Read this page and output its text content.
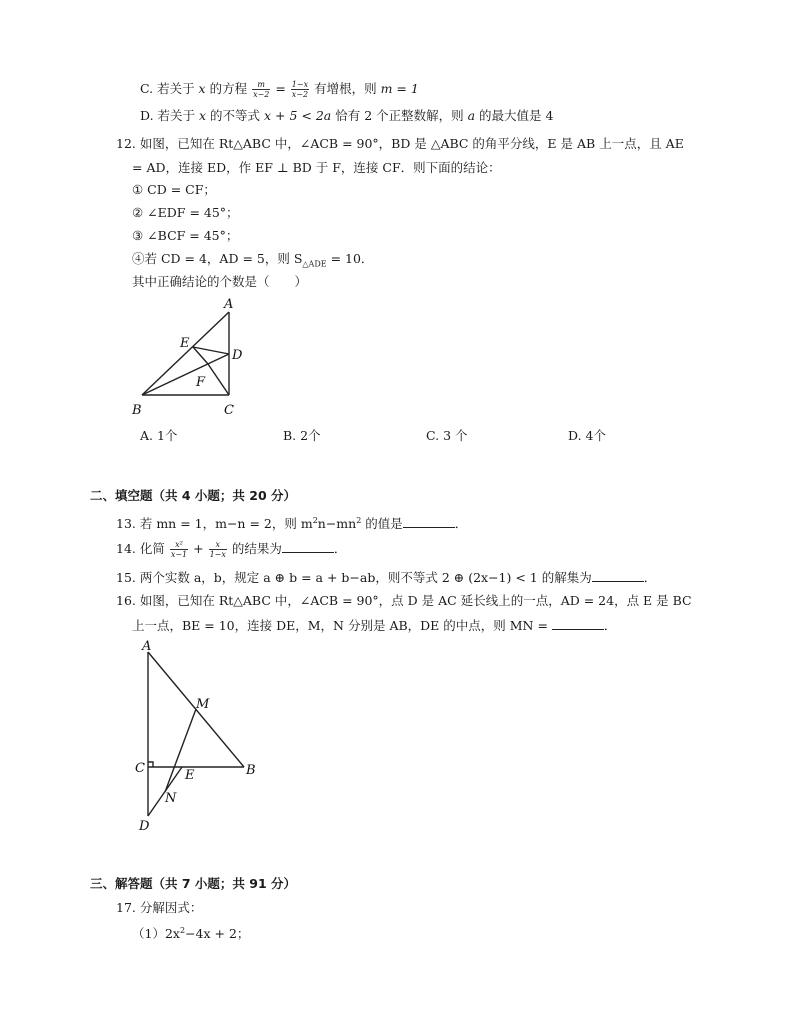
C. 若关于 x 的方程 $\frac{m}{x-2} = \frac{1-x}{x-2}$ 有增根，则 m = 1
D. 若关于 x 的不等式 x + 5 < 2a 恰有 2 个正整数解，则 a 的最大值是 4
12. 如图，已知在 Rt△ABC 中，∠ACB = 90°，BD 是 △ABC 的角平分线，E 是 AB 上一点，且 AE
= AD，连接 ED，作 EF ⊥ BD 于 F，连接 CF．则下面的结论：
① CD = CF；
② ∠EDF = 45°；
③ ∠BCF = 45°；
④若 CD = 4，AD = 5，则 $S_{\triangle ADE} = 10$．
其中正确结论的个数是（　　）
A
E
D
F
B	C
A. 1个	B. 2个	C. 3 个	D. 4个
二、填空题（共 4 小题；共 20 分）
13. 若 mn = 1，m−n = 2，则 $m^2n-mn^2$ 的值是	．
14. 化简 $\frac{\text{x²}}{x-1} + \frac{x}{1-x}$ 的结果为	．
15. 两个实数 a，b，规定 a ⊕ b = a + b−ab，则不等式 2 ⊕ (2x−1) < 1 的解集为	．
16. 如图，已知在 Rt△ABC 中，∠ACB = 90°，点 D 是 AC 延长线上的一点，AD = 24，点 E 是 BC
上一点，BE = 10，连接 DE，M，N 分别是 AB，DE 的中点，则 MN =	．
A
M
C	B
E
N
D
三、解答题（共 7 小题；共 91 分）
17. 分解因式：
$(1)2x^2-4x + 2$；
